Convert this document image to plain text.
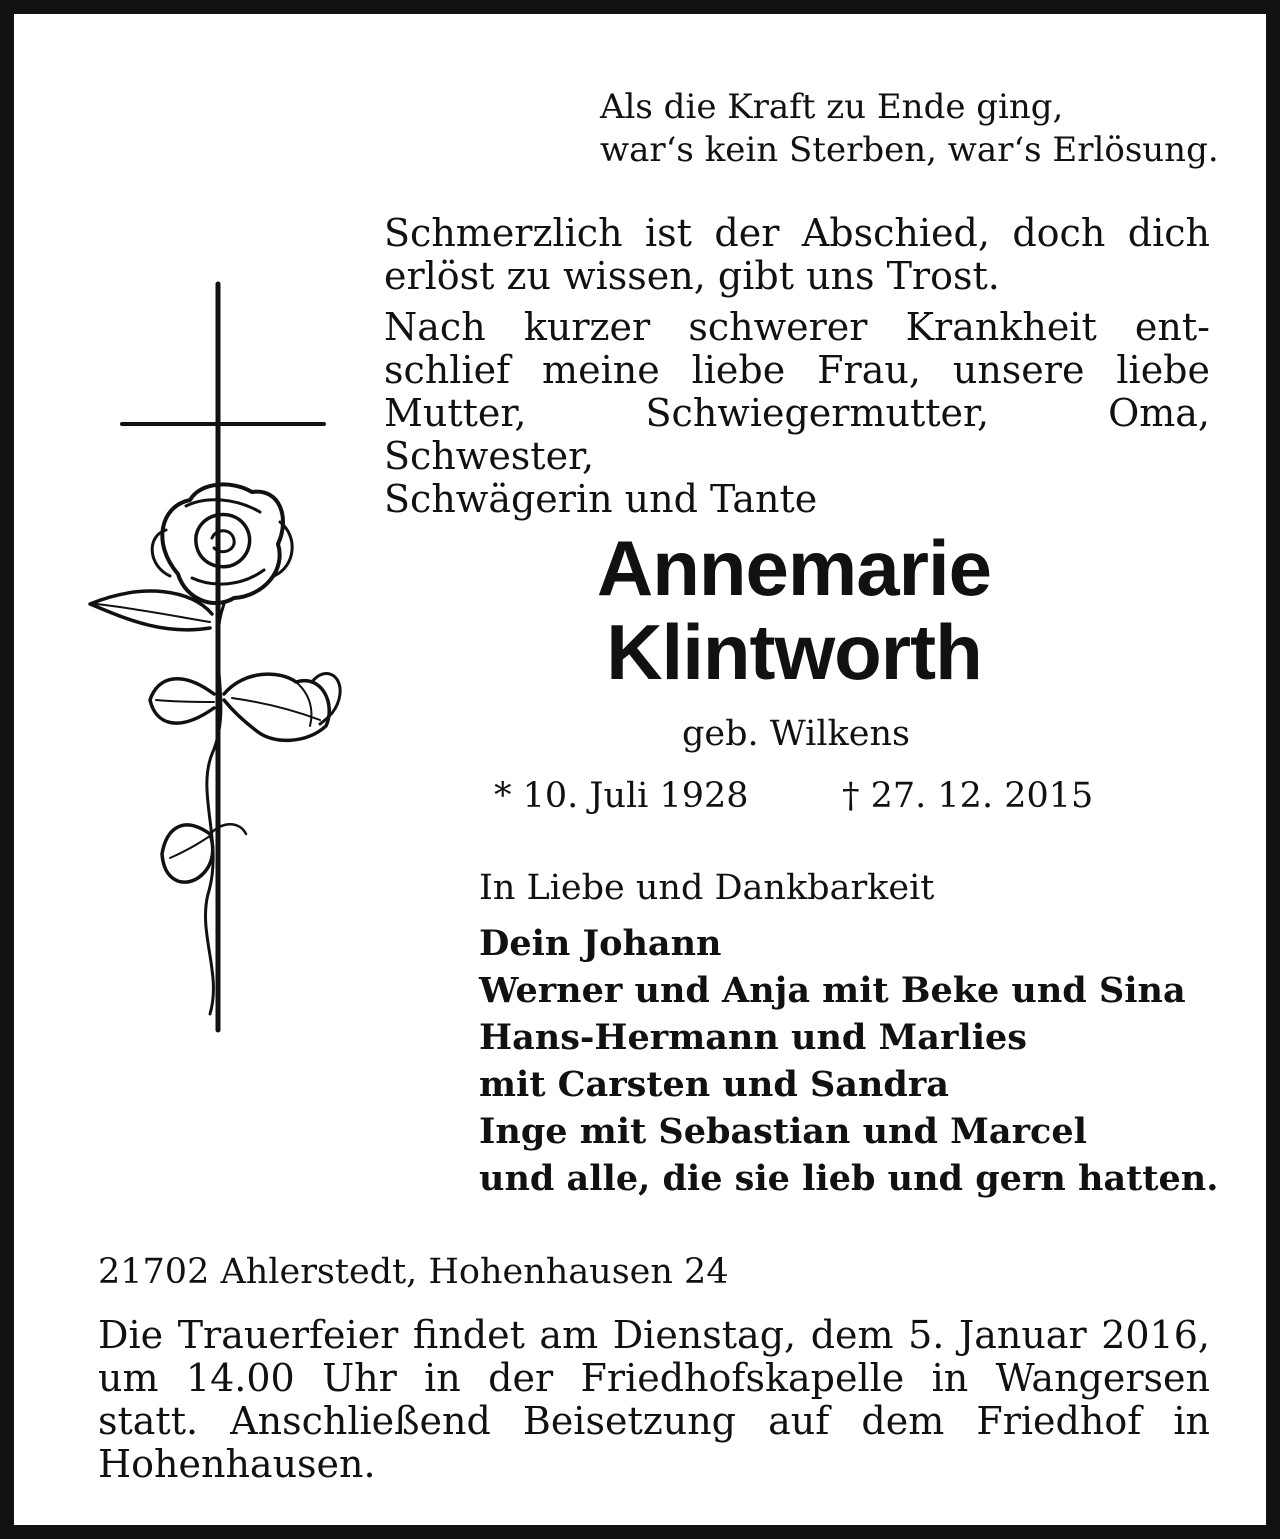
Als die Kraft zu Ende ging,
war‘s kein Sterben, war‘s Erlösung.
Schmerzlich ist der Abschied, doch dich
erlöst zu wissen, gibt uns Trost.
Nach kurzer schwerer Krankheit ent-
schlief meine liebe Frau, unsere liebe
Mutter, Schwiegermutter, Oma, Schwester,
Schwägerin und Tante
Annemarie
Klintworth
geb. Wilkens
* 10. Juli 1928	† 27. 12. 2015
In Liebe und Dankbarkeit
Dein Johann
Werner und Anja mit Beke und Sina
Hans-Hermann und Marlies
mit Carsten und Sandra
Inge mit Sebastian und Marcel
und alle, die sie lieb und gern hatten.
21702 Ahlerstedt, Hohenhausen 24
Die Trauerfeier findet am Dienstag, dem 5. Januar 2016,
um 14.00 Uhr in der Friedhofskapelle in Wangersen
statt. Anschließend Beisetzung auf dem Friedhof in
Hohenhausen.
